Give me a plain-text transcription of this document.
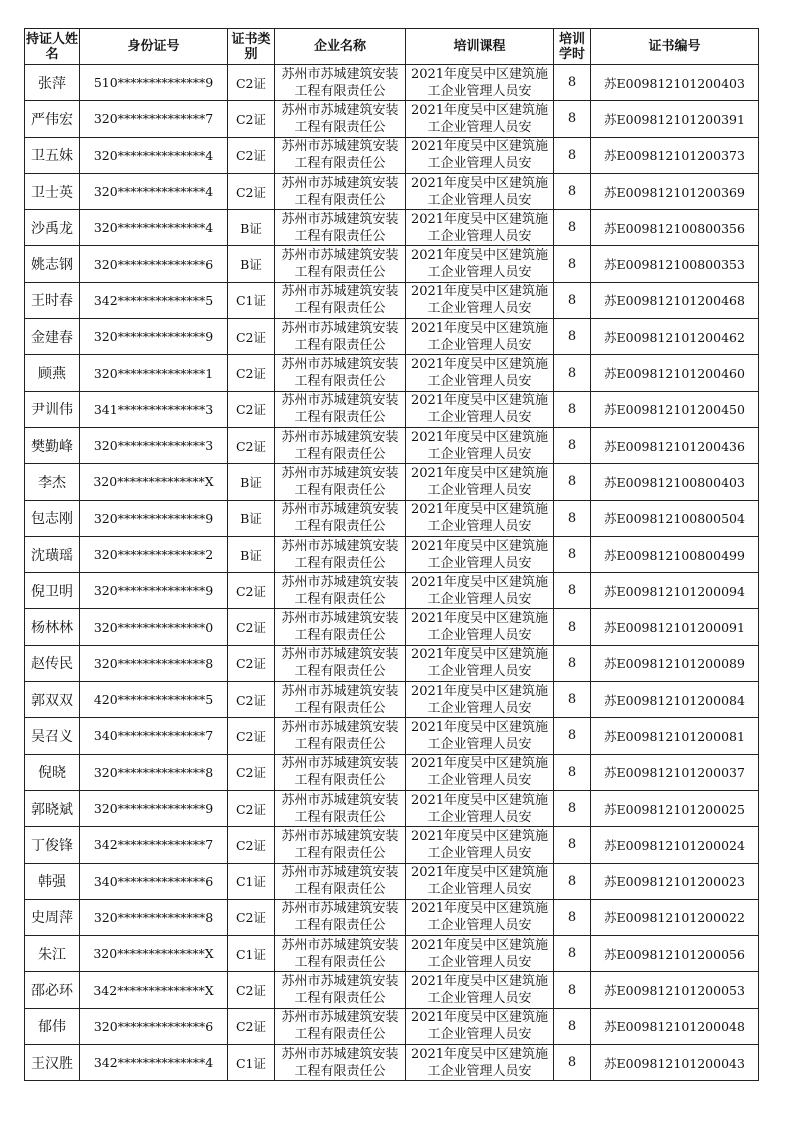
持证人姓名	身份证号	证书类别	企业名称	培训课程	培训学时	证书编号
张萍	510**************9	C2证	苏州市苏城建筑安装工程有限责任公	2021年度吴中区建筑施工企业管理人员安	8	苏E009812101200403
严伟宏	320**************7	C2证	苏州市苏城建筑安装工程有限责任公	2021年度吴中区建筑施工企业管理人员安	8	苏E009812101200391
卫五妹	320**************4	C2证	苏州市苏城建筑安装工程有限责任公	2021年度吴中区建筑施工企业管理人员安	8	苏E009812101200373
卫士英	320**************4	C2证	苏州市苏城建筑安装工程有限责任公	2021年度吴中区建筑施工企业管理人员安	8	苏E009812101200369
沙禹龙	320**************4	B证	苏州市苏城建筑安装工程有限责任公	2021年度吴中区建筑施工企业管理人员安	8	苏E009812100800356
姚志钢	320**************6	B证	苏州市苏城建筑安装工程有限责任公	2021年度吴中区建筑施工企业管理人员安	8	苏E009812100800353
王时春	342**************5	C1证	苏州市苏城建筑安装工程有限责任公	2021年度吴中区建筑施工企业管理人员安	8	苏E009812101200468
金建春	320**************9	C2证	苏州市苏城建筑安装工程有限责任公	2021年度吴中区建筑施工企业管理人员安	8	苏E009812101200462
顾燕	320**************1	C2证	苏州市苏城建筑安装工程有限责任公	2021年度吴中区建筑施工企业管理人员安	8	苏E009812101200460
尹训伟	341**************3	C2证	苏州市苏城建筑安装工程有限责任公	2021年度吴中区建筑施工企业管理人员安	8	苏E009812101200450
樊勤峰	320**************3	C2证	苏州市苏城建筑安装工程有限责任公	2021年度吴中区建筑施工企业管理人员安	8	苏E009812101200436
李杰	320**************X	B证	苏州市苏城建筑安装工程有限责任公	2021年度吴中区建筑施工企业管理人员安	8	苏E009812100800403
包志刚	320**************9	B证	苏州市苏城建筑安装工程有限责任公	2021年度吴中区建筑施工企业管理人员安	8	苏E009812100800504
沈璜瑶	320**************2	B证	苏州市苏城建筑安装工程有限责任公	2021年度吴中区建筑施工企业管理人员安	8	苏E009812100800499
倪卫明	320**************9	C2证	苏州市苏城建筑安装工程有限责任公	2021年度吴中区建筑施工企业管理人员安	8	苏E009812101200094
杨林林	320**************0	C2证	苏州市苏城建筑安装工程有限责任公	2021年度吴中区建筑施工企业管理人员安	8	苏E009812101200091
赵传民	320**************8	C2证	苏州市苏城建筑安装工程有限责任公	2021年度吴中区建筑施工企业管理人员安	8	苏E009812101200089
郭双双	420**************5	C2证	苏州市苏城建筑安装工程有限责任公	2021年度吴中区建筑施工企业管理人员安	8	苏E009812101200084
吴召义	340**************7	C2证	苏州市苏城建筑安装工程有限责任公	2021年度吴中区建筑施工企业管理人员安	8	苏E009812101200081
倪晓	320**************8	C2证	苏州市苏城建筑安装工程有限责任公	2021年度吴中区建筑施工企业管理人员安	8	苏E009812101200037
郭晓斌	320**************9	C2证	苏州市苏城建筑安装工程有限责任公	2021年度吴中区建筑施工企业管理人员安	8	苏E009812101200025
丁俊锋	342**************7	C2证	苏州市苏城建筑安装工程有限责任公	2021年度吴中区建筑施工企业管理人员安	8	苏E009812101200024
韩强	340**************6	C1证	苏州市苏城建筑安装工程有限责任公	2021年度吴中区建筑施工企业管理人员安	8	苏E009812101200023
史周萍	320**************8	C2证	苏州市苏城建筑安装工程有限责任公	2021年度吴中区建筑施工企业管理人员安	8	苏E009812101200022
朱江	320**************X	C1证	苏州市苏城建筑安装工程有限责任公	2021年度吴中区建筑施工企业管理人员安	8	苏E009812101200056
邵必环	342**************X	C2证	苏州市苏城建筑安装工程有限责任公	2021年度吴中区建筑施工企业管理人员安	8	苏E009812101200053
郁伟	320**************6	C2证	苏州市苏城建筑安装工程有限责任公	2021年度吴中区建筑施工企业管理人员安	8	苏E009812101200048
王汉胜	342**************4	C1证	苏州市苏城建筑安装工程有限责任公	2021年度吴中区建筑施工企业管理人员安	8	苏E009812101200043
